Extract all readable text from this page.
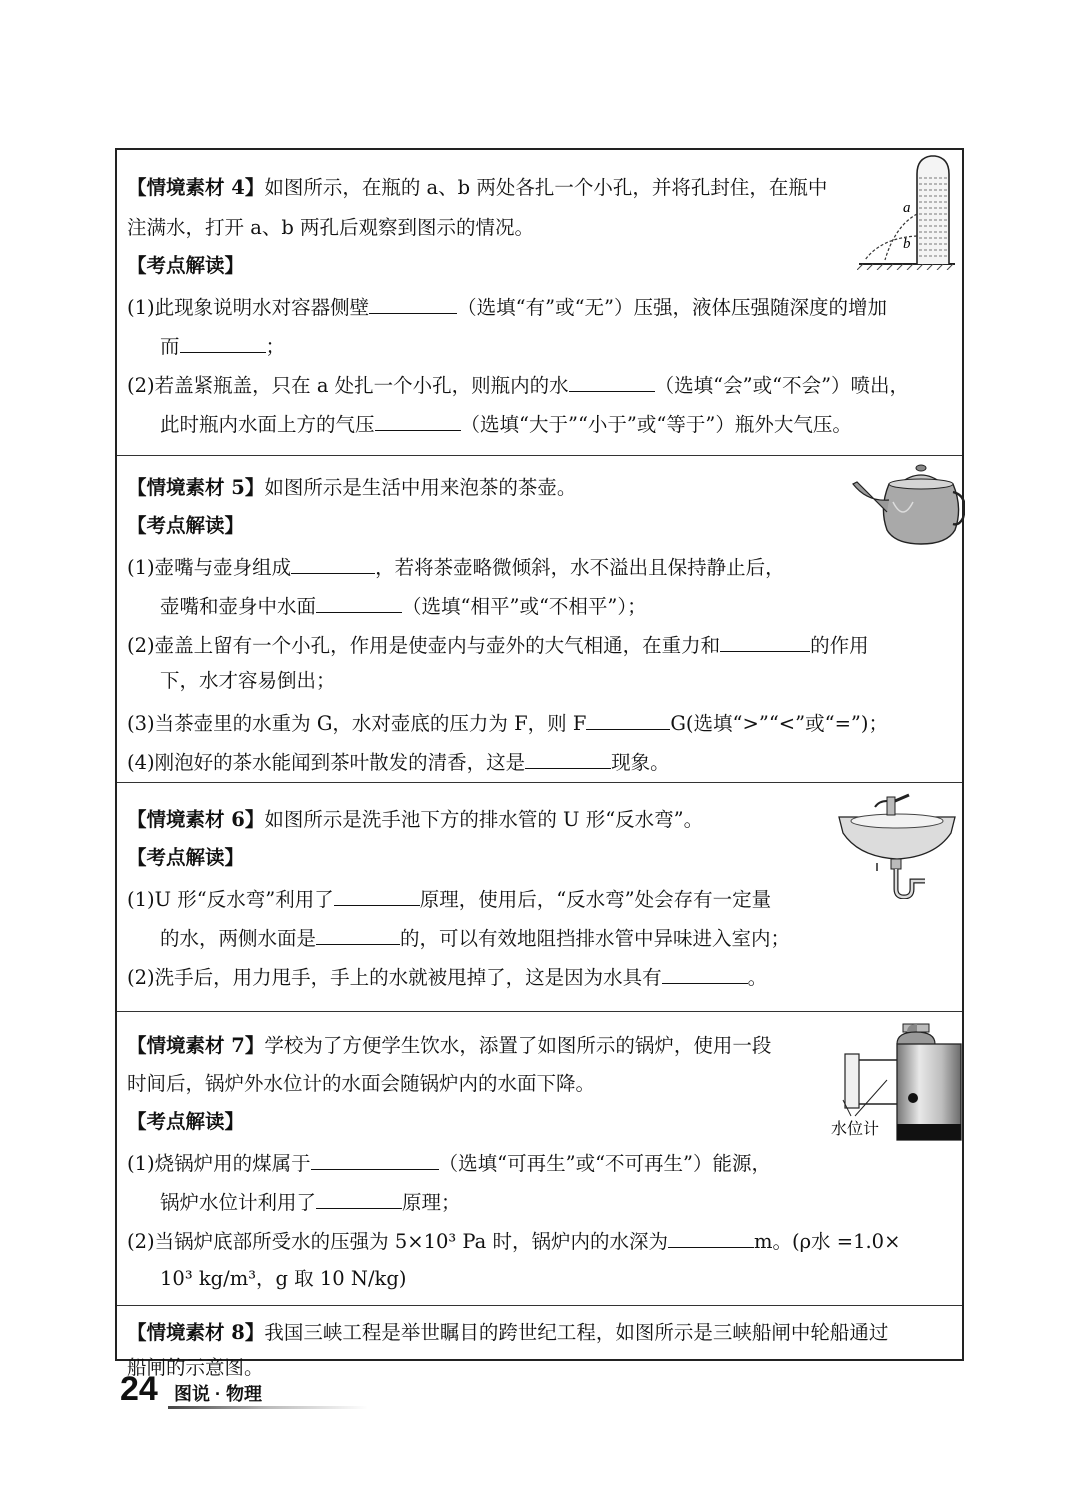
【情境素材 4】如图所示，在瓶的 a、b 两处各扎一个小孔，并将孔封住，在瓶中
注满水，打开 a、b 两孔后观察到图示的情况。
【考点解读】
(1)此现象说明水对容器侧壁	（选填“有”或“无”）压强，液体压强随深度的增加
而	；
(2)若盖紧瓶盖，只在 a 处扎一个小孔，则瓶内的水	（选填“会”或“不会”）喷出，
此时瓶内水面上方的气压	（选填“大于”“小于”或“等于”）瓶外大气压。
a
b
【情境素材 5】如图所示是生活中用来泡茶的茶壶。
【考点解读】
(1)壶嘴与壶身组成	，若将茶壶略微倾斜，水不溢出且保持静止后，
壶嘴和壶身中水面	（选填“相平”或“不相平”）；
(2)壶盖上留有一个小孔，作用是使壶内与壶外的大气相通，在重力和	的作用
下，水才容易倒出；
(3)当茶壶里的水重为 G，水对壶底的压力为 F，则 F	G(选填“>”“<”或“=”)；
(4)刚泡好的茶水能闻到茶叶散发的清香，这是	现象。
【情境素材 6】如图所示是洗手池下方的排水管的 U 形“反水弯”。
【考点解读】
(1)U 形“反水弯”利用了	原理，使用后，“反水弯”处会存有一定量
的水，两侧水面是	的，可以有效地阻挡排水管中异味进入室内；
(2)洗手后，用力甩手，手上的水就被甩掉了，这是因为水具有	。
【情境素材 7】学校为了方便学生饮水，添置了如图所示的锅炉，使用一段
时间后，锅炉外水位计的水面会随锅炉内的水面下降。
【考点解读】
(1)烧锅炉用的煤属于	（选填“可再生”或“不可再生”）能源，
锅炉水位计利用了	原理；
(2)当锅炉底部所受水的压强为 5×10³ Pa 时，锅炉内的水深为	m。(ρ水 =1.0×
10³ kg/m³，g 取 10 N/kg)
水位计
【情境素材 8】我国三峡工程是举世瞩目的跨世纪工程，如图所示是三峡船闸中轮船通过
船闸的示意图。
24 图说 · 物理
